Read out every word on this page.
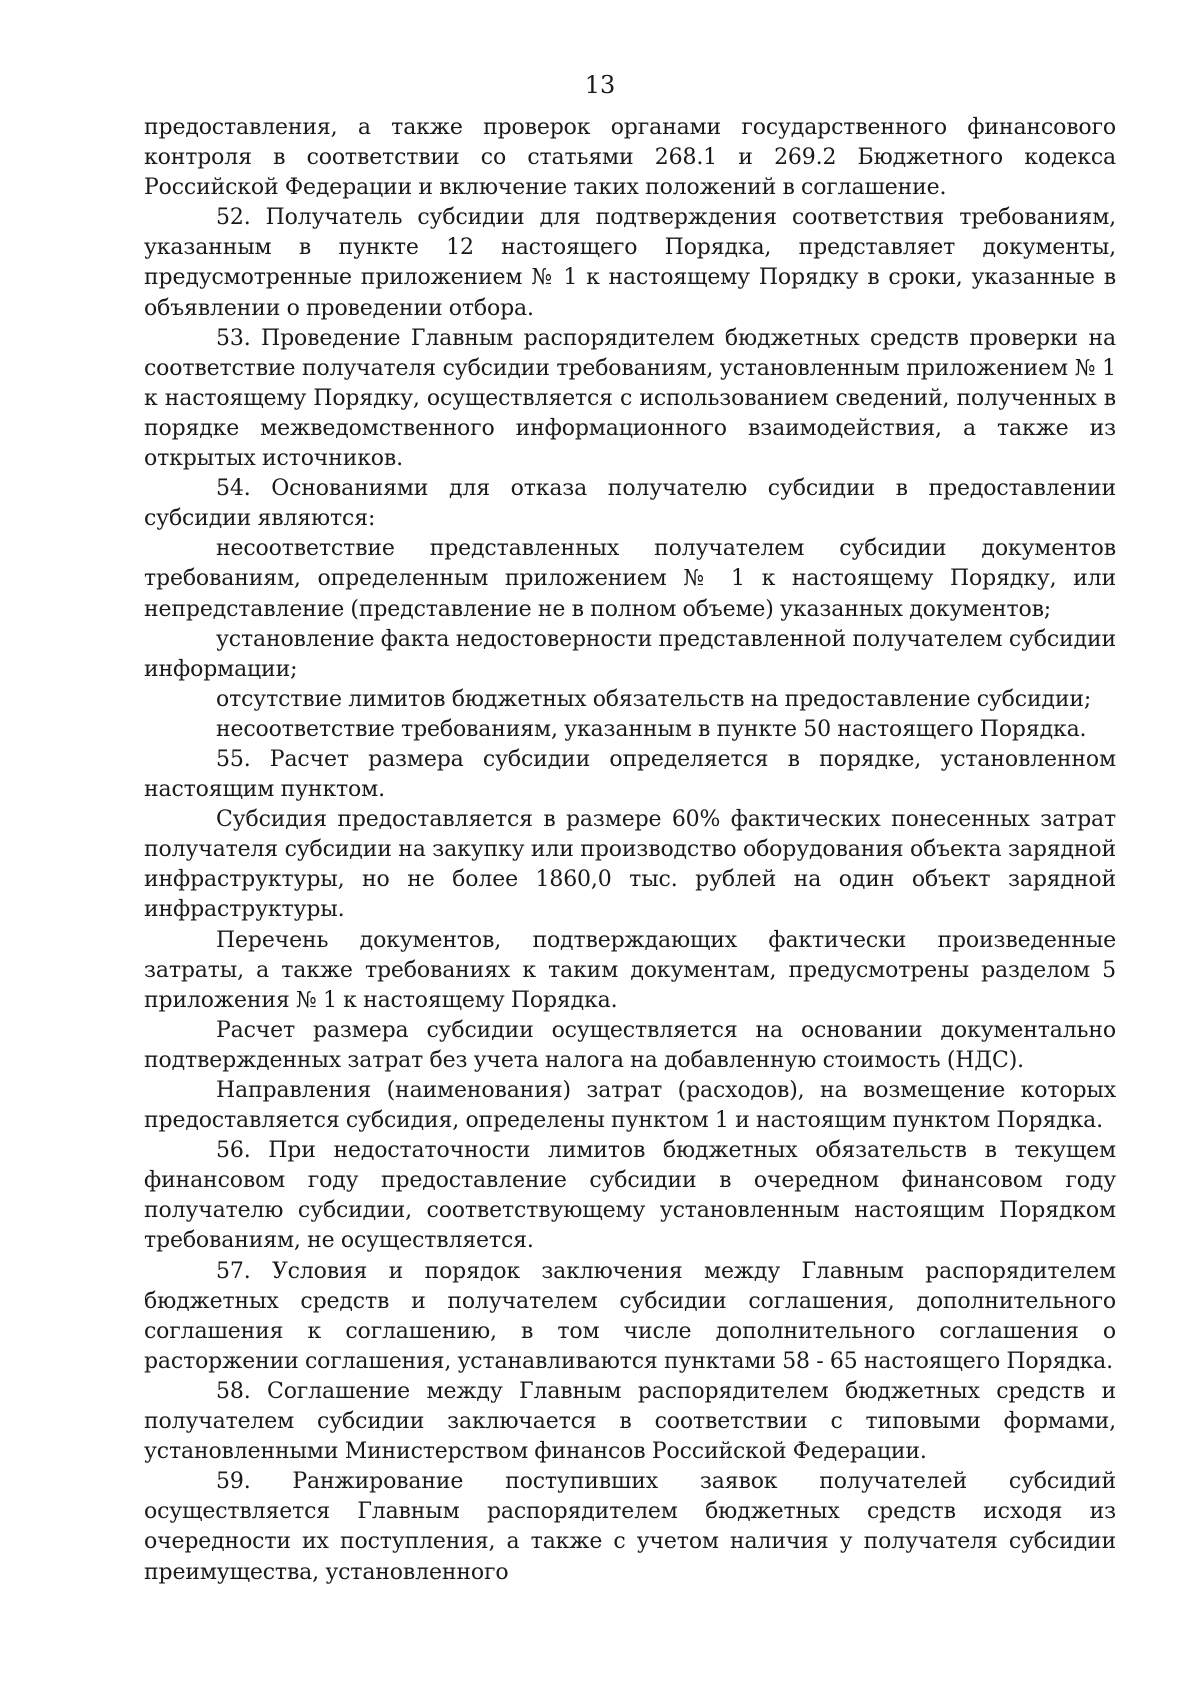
13

предоставления, а также проверок органами государственного финансового контроля в соответствии со статьями 268.1 и 269.2 Бюджетного кодекса Российской Федерации и включение таких положений в соглашение.

52. Получатель субсидии для подтверждения соответствия требованиям, указанным в пункте 12 настоящего Порядка, представляет документы, предусмотренные приложением № 1 к настоящему Порядку в сроки, указанные в объявлении о проведении отбора.

53. Проведение Главным распорядителем бюджетных средств проверки на соответствие получателя субсидии требованиям, установленным приложением № 1 к настоящему Порядку, осуществляется с использованием сведений, полученных в порядке межведомственного информационного взаимодействия, а также из открытых источников.

54. Основаниями для отказа получателю субсидии в предоставлении субсидии являются:

несоответствие представленных получателем субсидии документов требованиям, определенным приложением № 1 к настоящему Порядку, или непредставление (представление не в полном объеме) указанных документов;

установление факта недостоверности представленной получателем субсидии информации;

отсутствие лимитов бюджетных обязательств на предоставление субсидии;

несоответствие требованиям, указанным в пункте 50 настоящего Порядка.

55. Расчет размера субсидии определяется в порядке, установленном настоящим пунктом.

Субсидия предоставляется в размере 60% фактических понесенных затрат получателя субсидии на закупку или производство оборудования объекта зарядной инфраструктуры, но не более 1860,0 тыс. рублей на один объект зарядной инфраструктуры.

Перечень документов, подтверждающих фактически произведенные затраты, а также требованиях к таким документам, предусмотрены разделом 5 приложения № 1 к настоящему Порядка.

Расчет размера субсидии осуществляется на основании документально подтвержденных затрат без учета налога на добавленную стоимость (НДС).

Направления (наименования) затрат (расходов), на возмещение которых предоставляется субсидия, определены пунктом 1 и настоящим пунктом Порядка.

56. При недостаточности лимитов бюджетных обязательств в текущем финансовом году предоставление субсидии в очередном финансовом году получателю субсидии, соответствующему установленным настоящим Порядком требованиям, не осуществляется.

57. Условия и порядок заключения между Главным распорядителем бюджетных средств и получателем субсидии соглашения, дополнительного соглашения к соглашению, в том числе дополнительного соглашения о расторжении соглашения, устанавливаются пунктами 58 - 65 настоящего Порядка.

58. Соглашение между Главным распорядителем бюджетных средств и получателем субсидии заключается в соответствии с типовыми формами, установленными Министерством финансов Российской Федерации.

59. Ранжирование поступивших заявок получателей субсидий осуществляется Главным распорядителем бюджетных средств исходя из очередности их поступления, а также с учетом наличия у получателя субсидии преимущества, установленного
